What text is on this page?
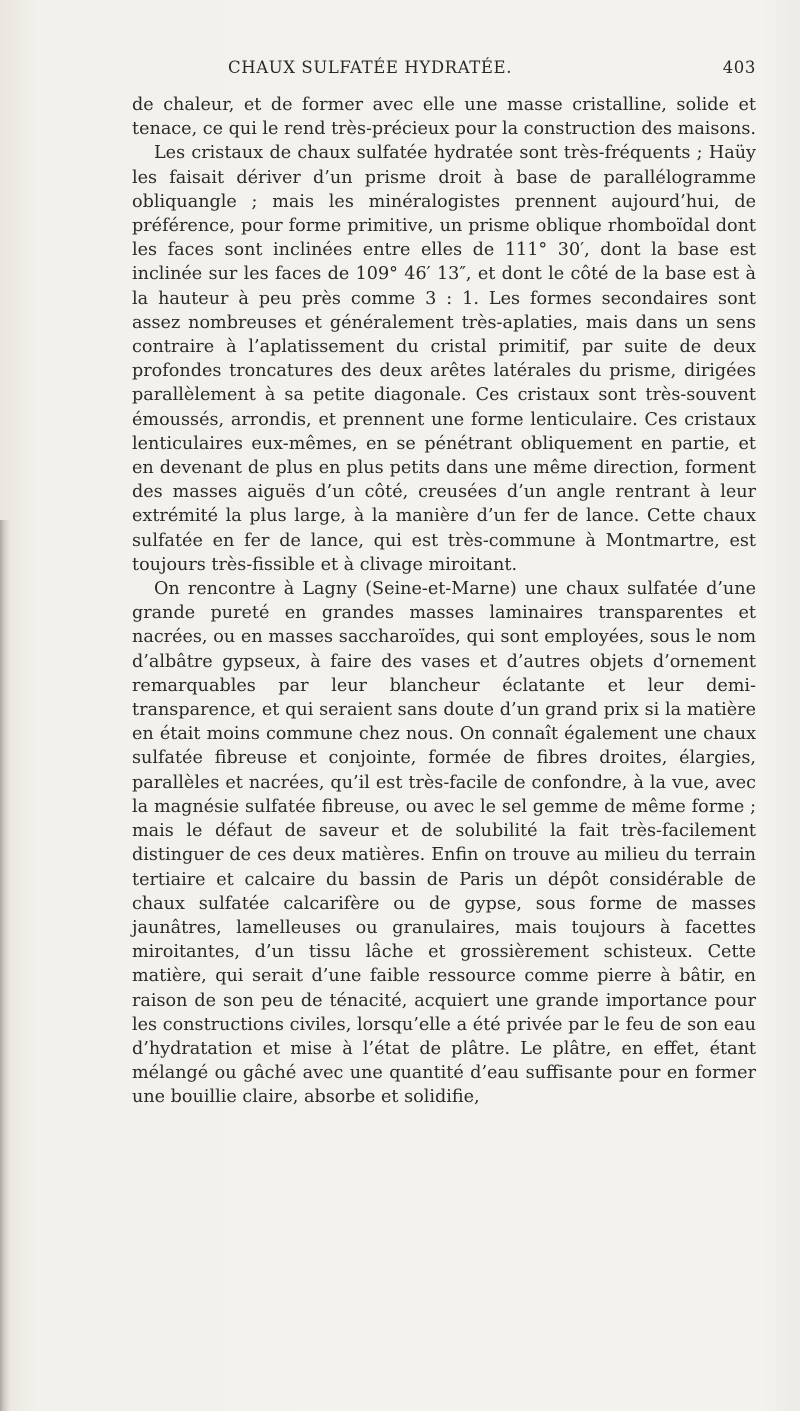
CHAUX SULFATÉE HYDRATÉE.	403

de chaleur, et de former avec elle une masse cristalline, solide et tenace, ce qui le rend très-précieux pour la construction des maisons.

Les cristaux de chaux sulfatée hydratée sont très-fréquents ; Haüy les faisait dériver d’un prisme droit à base de parallélogramme obliquangle ; mais les minéralogistes prennent aujourd’hui, de préférence, pour forme primitive, un prisme oblique rhomboïdal dont les faces sont inclinées entre elles de 111° 30′, dont la base est inclinée sur les faces de 109° 46′ 13″, et dont le côté de la base est à la hauteur à peu près comme 3 : 1. Les formes secondaires sont assez nombreuses et généralement très-aplaties, mais dans un sens contraire à l’aplatissement du cristal primitif, par suite de deux profondes troncatures des deux arêtes latérales du prisme, dirigées parallèlement à sa petite diagonale. Ces cristaux sont très-souvent émoussés, arrondis, et prennent une forme lenticulaire. Ces cristaux lenticulaires eux-mêmes, en se pénétrant obliquement en partie, et en devenant de plus en plus petits dans une même direction, forment des masses aiguës d’un côté, creusées d’un angle rentrant à leur extrémité la plus large, à la manière d’un fer de lance. Cette chaux sulfatée en fer de lance, qui est très-commune à Montmartre, est toujours très-fissible et à clivage miroitant.

On rencontre à Lagny (Seine-et-Marne) une chaux sulfatée d’une grande pureté en grandes masses laminaires transparentes et nacrées, ou en masses saccharoïdes, qui sont employées, sous le nom d’albâtre gypseux, à faire des vases et d’autres objets d’ornement remarquables par leur blancheur éclatante et leur demi-transparence, et qui seraient sans doute d’un grand prix si la matière en était moins commune chez nous. On connaît également une chaux sulfatée fibreuse et conjointe, formée de fibres droites, élargies, parallèles et nacrées, qu’il est très-facile de confondre, à la vue, avec la magnésie sulfatée fibreuse, ou avec le sel gemme de même forme ; mais le défaut de saveur et de solubilité la fait très-facilement distinguer de ces deux matières. Enfin on trouve au milieu du terrain tertiaire et calcaire du bassin de Paris un dépôt considérable de chaux sulfatée calcarifère ou de gypse, sous forme de masses jaunâtres, lamelleuses ou granulaires, mais toujours à facettes miroitantes, d’un tissu lâche et grossièrement schisteux. Cette matière, qui serait d’une faible ressource comme pierre à bâtir, en raison de son peu de ténacité, acquiert une grande importance pour les constructions civiles, lorsqu’elle a été privée par le feu de son eau d’hydratation et mise à l’état de plâtre. Le plâtre, en effet, étant mélangé ou gâché avec une quantité d’eau suffisante pour en former une bouillie claire, absorbe et solidifie,
